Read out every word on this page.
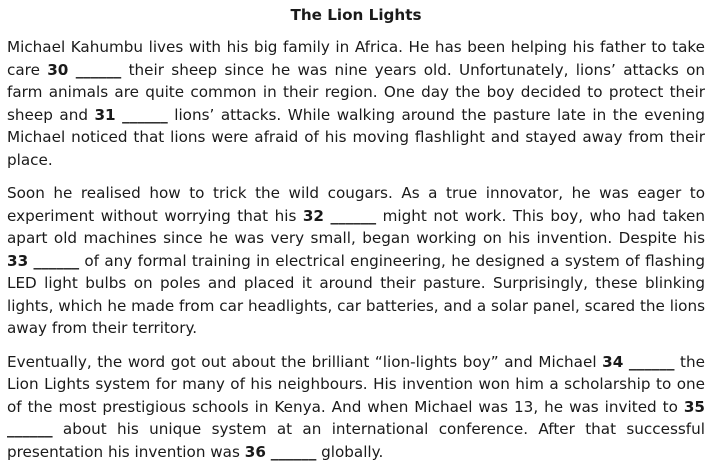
The Lion Lights

Michael Kahumbu lives with his big family in Africa. He has been helping his father to take care 30 ______ their sheep since he was nine years old. Unfortunately, lions’ attacks on farm animals are quite common in their region. One day the boy decided to protect their sheep and 31 ______ lions’ attacks. While walking around the pasture late in the evening Michael noticed that lions were afraid of his moving flashlight and stayed away from their place.

Soon he realised how to trick the wild cougars. As a true innovator, he was eager to experiment without worrying that his 32 ______ might not work. This boy, who had taken apart old machines since he was very small, began working on his invention. Despite his 33 ______ of any formal training in electrical engineering, he designed a system of flashing LED light bulbs on poles and placed it around their pasture. Surprisingly, these blinking lights, which he made from car headlights, car batteries, and a solar panel, scared the lions away from their territory.

Eventually, the word got out about the brilliant “lion-lights boy” and Michael 34 ______ the Lion Lights system for many of his neighbours. His invention won him a scholarship to one of the most prestigious schools in Kenya. And when Michael was 13, he was invited to 35 ______ about his unique system at an international conference. After that successful presentation his invention was 36 ______ globally.
